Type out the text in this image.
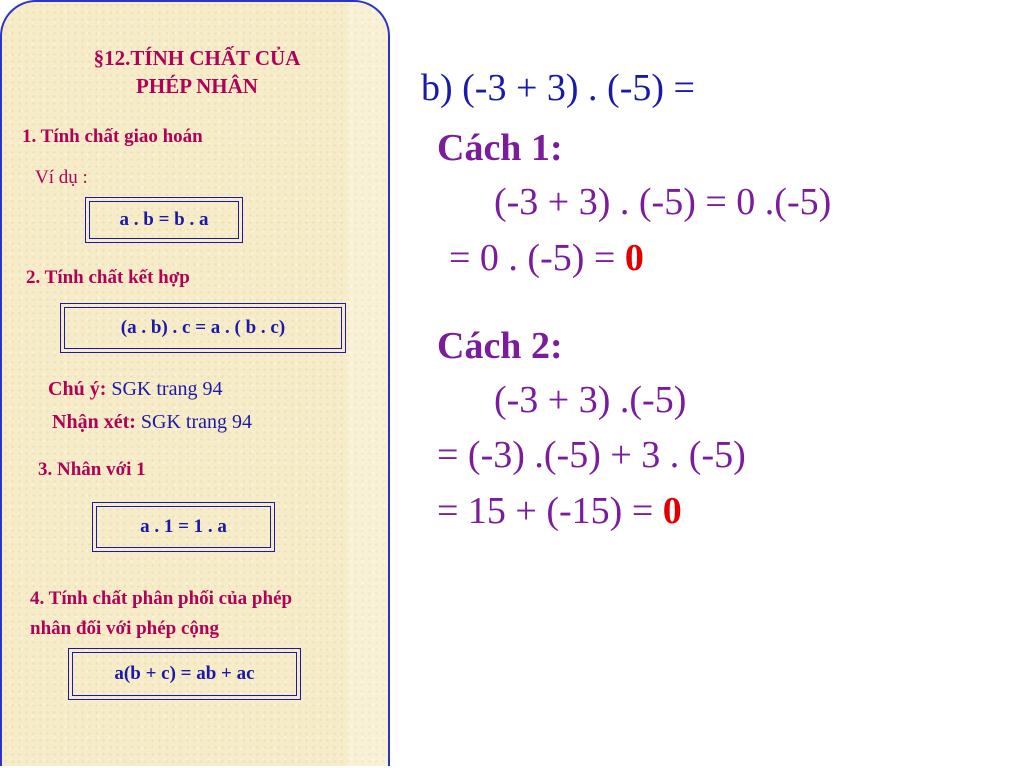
§12.TÍNH CHẤT CỦA
PHÉP NHÂN
1. Tính chất giao hoán
Ví dụ :
a . b = b . a
2. Tính chất kết hợp
(a . b) . c = a . ( b . c)
Chú ý: SGK trang 94
Nhận xét: SGK trang 94
3. Nhân với 1
a . 1 = 1 . a
4. Tính chất phân phối của phép
nhân đối với phép cộng
a(b + c) = ab + ac
b) (-3 + 3) . (-5) =
Cách 1:
(-3 + 3) . (-5) = 0 .(-5)
= 0 . (-5) = 0
Cách 2:
(-3 + 3) .(-5)
= (-3) .(-5) + 3 . (-5)
= 15 + (-15) = 0
